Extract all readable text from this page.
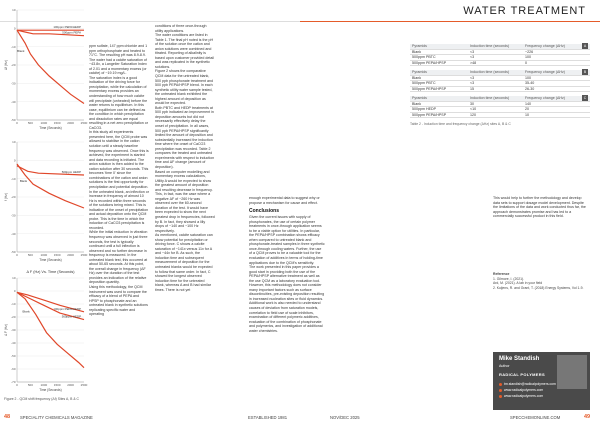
WATER TREATMENT
10
0
-10
-20
-30
-40
-50
0	500	1000 1500 2000 2500
Time (Seconds)
Δf (Hz)
100ppm PEPA/HEDP
500ppm PEPA
Blank
10
0
-10
-20
-30
-40
-50
0	500	1000 1500 2000 2500
Time (Seconds)
f (Hz)
500ppm HEDP
Blank
Δ F (Hz) Vs. Time (Seconds)
10
0
-10
-20
-30
-40
-50
-60
-70
0	500	1000 1500 2000 2500
Time (Seconds)
Δ F (Hz)
100ppm PEPA/HEDP
500ppm HEDP
Blank
Figure 2 - QCM shift frequency (Δf) Sites A, B & C

ppm sulfate, 147 ppm chloride and 1 ppm orthophosphate and heated to 71°C. The resulting pH was 8.9-8.9.

The water had a calcite saturation of ~43.8x, a Langelier Saturation Index of 2.01 and a momentary excess (or calcite) of ~19.19 mg/L.

The saturation index is a good indication of the driving force for precipitation, while the calculation of momentary excess provides an understanding of how much calcite will precipitate (unheated) before the water returns to equilibrium. In this case, equilibrium can be defined as the condition in which precipitation and dissolution rates are equal resulting in a net zero precipitation or CaCO3.

In this study all experiments presented here, the QCM probe was allowed to stabilise in the cation solution until a steady baseline frequency was observed. Once this is achieved, the experiment is started and data recording is initiated. The anion solution is then added to the cation solution after 30 seconds. This becomes 'time 0' since the combinations of the cation and anion solutions is the first opportunity for precipitation and potential deposition.

In the unheated blank, an inflection or increase in frequency of almost 10 Hz is recorded within three seconds of the solutions being mixed. This is indicative of the onset of precipitation and actual deposition onto the QCM probe. This is the time in which the induction of CaCO3 precipitation is recorded.

While the initial reduction in vibration frequency was observed in just three seconds, the test is typically continued until a full inflection is observed and no further decrease in frequency is measured. In the untreated blank test, this occurred at about 50-65 seconds. At this point, the overall change in frequency (ΔF Hz) over the duration of the test provides an indication of the relative deposition quantity.

Using this methodology, the QCM instrument was used to compare the efficacy of a blend of PEPA and HPSP to phosphonate and an untreated blank in synthetic solutions replicating specific water and operating

conditions of three once-through utility applications.

The water conditions are listed in Table 1. The final pH noted is the pH of the solution once the cation and anion solutions were combined and titrated. Reporting of alkalinity is based upon customer provided detail and was replicated in the synthetic solutions.

Figure 2 shows the comparative QCM data for the untreated blank, 500 ppb phosphonate treatment and 500 ppb PEPA/HPSP blend. In each synthetic utility water sample tested, the untreated blank exhibited the highest amount of deposition as would be expected.

Both PBTC and HEDP treatments at 500 ppb indicated an improvement in deposition amounts but did not necessarily effectively delay the onset of precipitation. In all cases, 500 ppb PEPA/HPSP significantly limited the amount of deposition and substantially increased the induction time where the onset of CaCO3 precipitation was recorded. Table 2 compares the treated and untreated experiments with respect to induction time and ΔF change (amount of deposition).

Based on computer modelling and momentary excess calculations, Utility A would be expected to show the greatest amount of deposition and resulting decrease in frequency. This, in fact, was the case where a negative ΔF of ~260 Hz was observed over the 60-second duration of the test. It would have been expected to show the next greatest drop in frequencies, followed by B. In fact, they showed a lilly drops of ~140 and ~100 Hz respectively.

As mentioned, calcite saturation can show potential for precipitation or driving force. C shows a calcite saturation of ~141x versus 11x for A and ~44x for B. As such, the induction time and subsequent measurement of deposition for the untreated blanks would be expected to follow that same order. In fact, C showed the longest observed induction time for the untreated blank, whereas A and B had similar times. There is not yet

enough experimental data to suggest why or propose a mechanism for cause and effect.

Conclusions

Given the current issues with supply of phosphonates, the use of certain polymer treatments in once-through application seems to be a viable option for utilities. In particular, the PEPA/HPSP combination shows efficacy when compared to untreated blank and phosphonate-treated samples in three synthetic once-through cooling waters. Further, the use of a QCM proves to be a valuable tool for the evaluation of additives in terms of holding-time applications due to the QCM's sensitivity.

The work presented in this paper provides a good start in providing both the use of the PEPA/HPSP alternative treatment as well as the use QCM as a laboratory evaluation tool. However, this methodology does not consider many important factors such as surface discontinuities, pre-existing deposition resulting in increased nucleation sites or fluid dynamics.

Additional work is also needed to understand causes of deviation from saturation models, correlation to field use of scale inhibitors, examination of different polymeric additives, evaluation of the combination of phosphonate and polymerics, and investigation of additional water chemistries.

This would help to further the methodology and develop data sets to support dosage model development. Despite the limitations of the data and work conducted thus far, the approach demonstrates promise and has led to a commercially successful product in this field.

Pyramids	Induction time (seconds)	Frequency change (ΔHz)	A
Blank	<3	~226
500ppm PBTC	<3	100
500ppm PEPA/HPSP	>48	0
Pyramids	Induction time (seconds)	Frequency change (ΔHz)	B
Blank	<3	100
500ppm PBTC	<3	35-40
500ppm PEPA/HPSP	15	26-30
Pyramids	Induction time (seconds)	Frequency change (ΔHz)	C
Blank	30	140
500ppm HEDP	<10	20
500ppm PEPA/HPSP	120	10
Table 2 - Induction time and frequency change (ΔHz) sites A, B & C
Reference
1. Gilmore, I. (2021).
Ard, M. (2021). A lab in your field
2. Kuijens, R. and Grant, T. (2018) Energy Systems, Vol 1-9.
Mike Standish
Author
RADICAL POLYMERS
tm.standish@radicalpolymers.com
www.radicalpolymers.com
www.radicalpolymers.com
48 SPECIALITY CHEMICALS MAGAZINE	ESTABLISHED 1981	NOV/DEC 2025	SPECCHEMONLINE.COM	49
